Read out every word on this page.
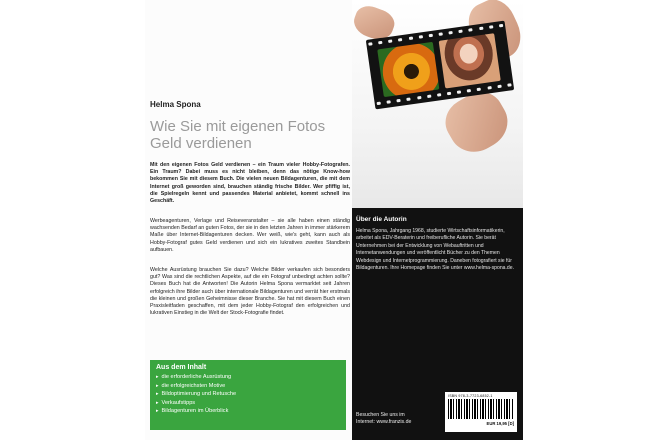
Helma Spona
Wie Sie mit eigenen Fotos
Geld verdienen

Mit den eigenen Fotos Geld verdienen – ein Traum vieler Hobby-Fotografen. Ein Traum? Dabei muss es nicht bleiben, denn das nötige Know-how bekommen Sie mit diesem Buch. Die vielen neuen Bildagenturen, die mit dem Internet groß geworden sind, brauchen ständig frische Bilder. Wer pfiffig ist, die Spielregeln kennt und passendes Material anbietet, kommt schnell ins Geschäft.

Werbeagenturen, Verlage und Reiseveranstalter – sie alle haben einen ständig wachsenden Bedarf an guten Fotos, der sie in den letzten Jahren in immer stärkerem Maße über Internet-Bildagenturen decken. Wer weiß, wie's geht, kann auch als Hobby-Fotograf gutes Geld verdienen und sich ein lukratives zweites Standbein aufbauen.

Welche Ausrüstung brauchen Sie dazu? Welche Bilder verkaufen sich besonders gut? Was sind die rechtlichen Aspekte, auf die ein Fotograf unbedingt achten sollte? Dieses Buch hat die Antworten! Die Autorin Helma Spona vermarktet seit Jahren erfolgreich ihre Bilder auch über internationale Bildagenturen und verrät hier erstmals die kleinen und großen Geheimnisse dieser Branche. Sie hat mit diesem Buch einen Praxisleitfaden geschaffen, mit dem jeder Hobby-Fotograf den erfolgreichen und lukrativen Einstieg in die Welt der Stock-Fotografie findet.

Aus dem Inhalt
▸ die erforderliche Ausrüstung
▸ die erfolgreichsten Motive
▸ Bildoptimierung und Retusche
▸ Verkaufstipps
▸ Bildagenturen im Überblick
Über die Autorin

Helma Spona, Jahrgang 1968, studierte Wirtschaftsinformatikerin, arbeitet als EDV-Beraterin und freiberufliche Autorin. Sie berät Unternehmen bei der Entwicklung von Webauftritten und Internetanwendungen und veröffentlicht Bücher zu den Themen Webdesign und Internetprogrammierung. Daneben fotografiert sie für Bildagenturen. Ihre Homepage finden Sie unter www.helma-spona.de.

Besuchen Sie uns im
Internet: www.franzis.de
ISBN 978-3-7723-6852-1
EUR 19,95 [D]
